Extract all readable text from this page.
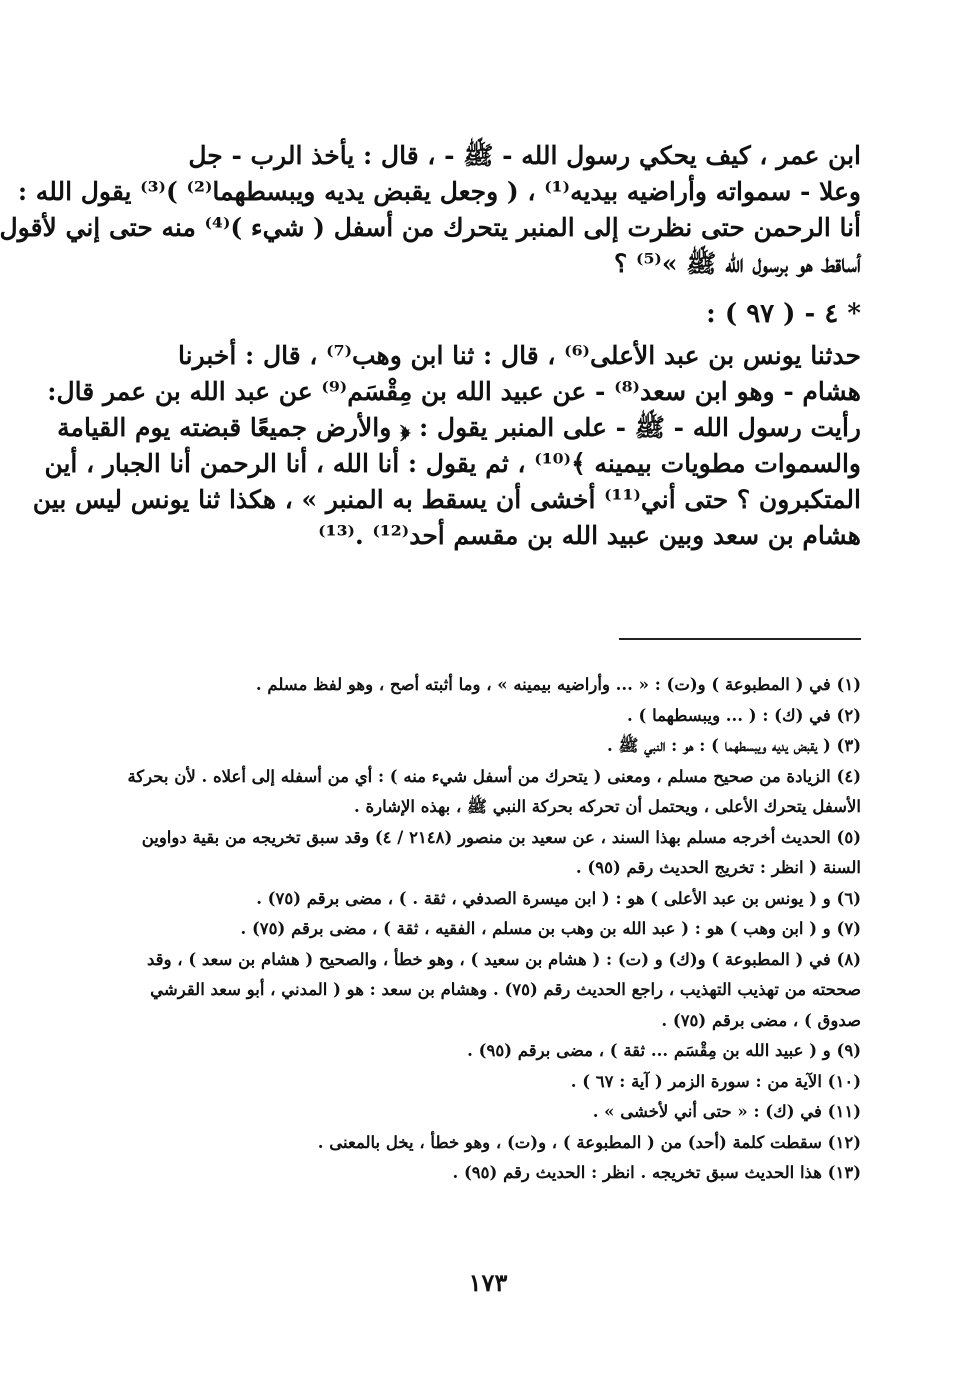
ابن عمر ، كيف يحكي رسول الله - ﷺ - ، قال : يأخذ الرب - جل
وعلا - سمواته وأراضيه بيديه⁽¹⁾ ، ( وجعل يقبض يديه ويبسطهما⁽²⁾ )⁽³⁾ يقول الله :
أنا الرحمن حتى نظرت إلى المنبر يتحرك من أسفل ( شيء )⁽⁴⁾ منه حتى إني لأقول
أساقط هو برسول الله ﷺ »⁽⁵⁾ ؟
* ٤ - ( ٩٧ ) :
حدثنا يونس بن عبد الأعلى⁽⁶⁾ ، قال : ثنا ابن وهب⁽⁷⁾ ، قال : أخبرنا
هشام - وهو ابن سعد⁽⁸⁾ - عن عبيد الله بن مِقْسَم⁽⁹⁾ عن عبد الله بن عمر قال:
رأيت رسول الله - ﷺ - على المنبر يقول : ﴿ والأرض جميعًا قبضته يوم القيامة
والسموات مطويات بيمينه ﴾⁽¹⁰⁾ ، ثم يقول : أنا الله ، أنا الرحمن أنا الجبار ، أين
المتكبرون ؟ حتى أني⁽¹¹⁾ أخشى أن يسقط به المنبر » ، هكذا ثنا يونس ليس بين
هشام بن سعد وبين عبيد الله بن مقسم أحد⁽¹²⁾ .⁽¹³⁾
(١) في ( المطبوعة ) و(ت) : « ... وأراضيه بيمينه » ، وما أثبته أصح ، وهو لفظ مسلم .
(٢) في (ك) : ( ... ويبسطهما ) .
(٣) ( يقبض يديه ويبسطهما ) : هو : النبي ﷺ .
(٤) الزيادة من صحيح مسلم ، ومعنى ( يتحرك من أسفل شيء منه ) : أي من أسفله إلى أعلاه . لأن بحركة
الأسفل يتحرك الأعلى ، ويحتمل أن تحركه بحركة النبي ﷺ ، بهذه الإشارة .
(٥) الحديث أخرجه مسلم بهذا السند ، عن سعيد بن منصور (٢١٤٨ / ٤) وقد سبق تخريجه من بقية دواوين
السنة ( انظر : تخريج الحديث رقم (٩٥) .
(٦) و ( يونس بن عبد الأعلى ) هو : ( ابن ميسرة الصدفي ، ثقة . ) ، مضى برقم (٧٥) .
(٧) و ( ابن وهب ) هو : ( عبد الله بن وهب بن مسلم ، الفقيه ، ثقة ) ، مضى برقم (٧٥) .
(٨) في ( المطبوعة ) و(ك) و (ت) : ( هشام بن سعيد ) ، وهو خطأ ، والصحيح ( هشام بن سعد ) ، وقد
صححته من تهذيب التهذيب ، راجع الحديث رقم (٧٥) . وهشام بن سعد : هو ( المدني ، أبو سعد القرشي
صدوق ) ، مضى برقم (٧٥) .
(٩) و ( عبيد الله بن مِقْسَم ... ثقة ) ، مضى برقم (٩٥) .
(١٠) الآية من : سورة الزمر ( آية : ٦٧ ) .
(١١) في (ك) : « حتى أني لأخشى » .
(١٢) سقطت كلمة (أحد) من ( المطبوعة ) ، و(ت) ، وهو خطأ ، يخل بالمعنى .
(١٣) هذا الحديث سبق تخريجه . انظر : الحديث رقم (٩٥) .
١٧٣
